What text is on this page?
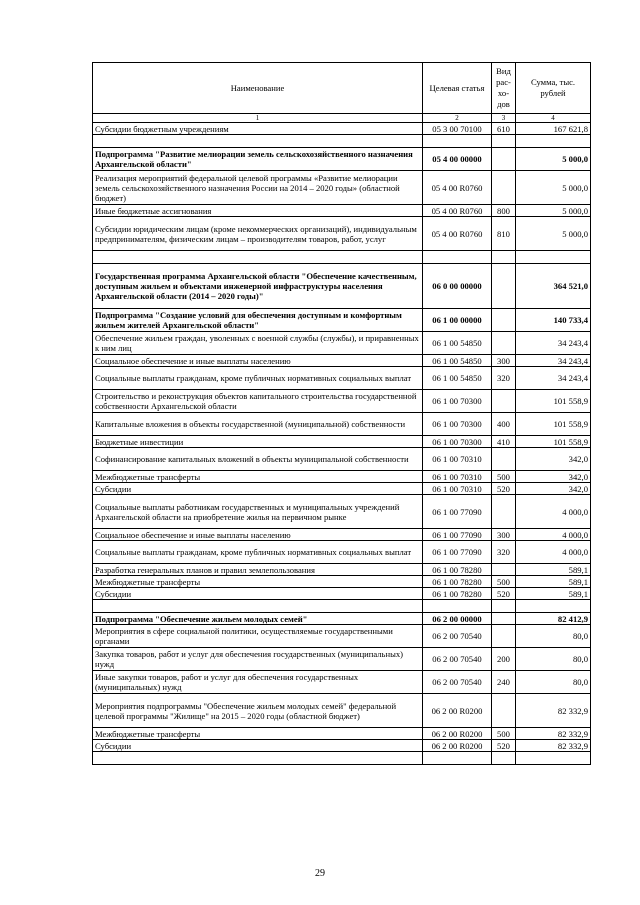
Наименование	Целевая статья	Вид рас-хо-дов	Сумма, тыс. рублей
1	2	3	4
Субсидии бюджетным учреждениям	05 3 00 70100	610	167 621,8

Подпрограмма "Развитие мелиорации земель сельскохозяйственного назначения Архангельской области"	05 4 00 00000		5 000,0
Реализация мероприятий федеральной целевой программы «Развитие мелиорации земель сельскохозяйственного назначения России на 2014 – 2020 годы» (областной бюджет)	05 4 00 R0760		5 000,0
Иные бюджетные ассигнования	05 4 00 R0760	800	5 000,0
Субсидии юридическим лицам (кроме некоммерческих организаций), индивидуальным предпринимателям, физическим лицам – производителям товаров, работ, услуг	05 4 00 R0760	810	5 000,0

Государственная программа Архангельской области "Обеспечение качественным, доступным жильем и объектами инженерной инфраструктуры населения Архангельской области (2014 – 2020 годы)"	06 0 00 00000		364 521,0
Подпрограмма "Создание условий для обеспечения доступным и комфортным жильем жителей Архангельской области"	06 1 00 00000		140 733,4
Обеспечение жильем граждан, уволенных с военной службы (службы), и приравненных к ним лиц	06 1 00 54850		34 243,4
Социальное обеспечение и иные выплаты населению	06 1 00 54850	300	34 243,4
Социальные выплаты гражданам, кроме публичных нормативных социальных выплат	06 1 00 54850	320	34 243,4
Строительство и реконструкция объектов капитального строительства государственной собственности Архангельской области	06 1 00 70300		101 558,9
Капитальные вложения в объекты государственной (муниципальной) собственности	06 1 00 70300	400	101 558,9
Бюджетные инвестиции	06 1 00 70300	410	101 558,9
Софинансирование капитальных вложений в объекты муниципальной собственности	06 1 00 70310		342,0
Межбюджетные трансферты	06 1 00 70310	500	342,0
Субсидии	06 1 00 70310	520	342,0
Социальные выплаты работникам государственных и муниципальных учреждений Архангельской области на приобретение жилья на первичном рынке	06 1 00 77090		4 000,0
Социальное обеспечение и иные выплаты населению	06 1 00 77090	300	4 000,0
Социальные выплаты гражданам, кроме публичных нормативных социальных выплат	06 1 00 77090	320	4 000,0
Разработка генеральных планов и правил землепользования	06 1 00 78280		589,1
Межбюджетные трансферты	06 1 00 78280	500	589,1
Субсидии	06 1 00 78280	520	589,1

Подпрограмма "Обеспечение жильем молодых семей"	06 2 00 00000		82 412,9
Мероприятия в сфере социальной политики, осуществляемые государственными органами	06 2 00 70540		80,0
Закупка товаров, работ и услуг для обеспечения государственных (муниципальных) нужд	06 2 00 70540	200	80,0
Иные закупки товаров, работ и услуг для обеспечения государственных (муниципальных) нужд	06 2 00 70540	240	80,0
Мероприятия подпрограммы "Обеспечение жильем молодых семей" федеральной целевой программы "Жилище" на 2015 – 2020 годы (областной бюджет)	06 2 00 R0200		82 332,9
Межбюджетные трансферты	06 2 00 R0200	500	82 332,9
Субсидии	06 2 00 R0200	520	82 332,9

29
